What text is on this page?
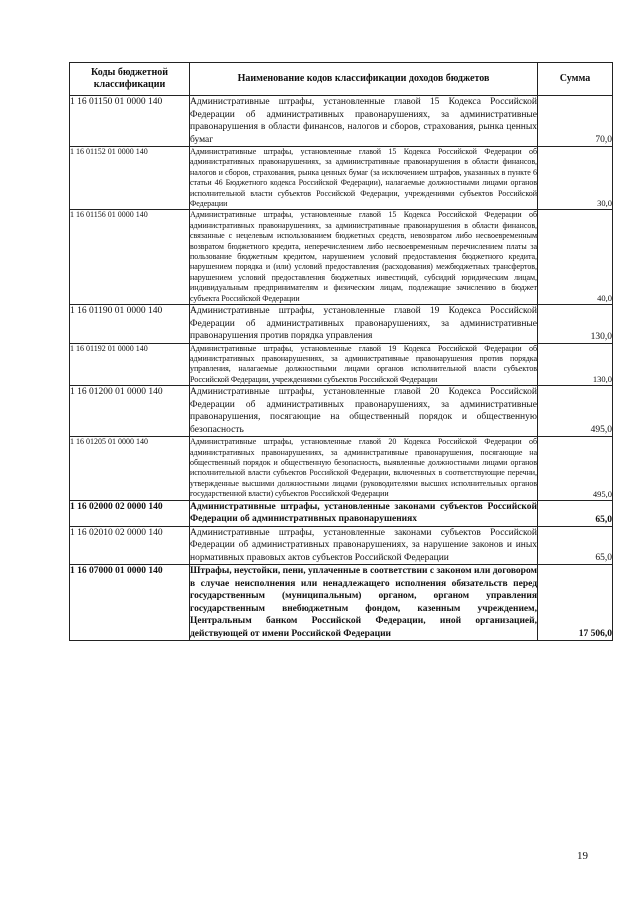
Коды бюджетной классификации	Наименование кодов классификации доходов бюджетов	Сумма
1 16 01150 01 0000 140	Административные штрафы, установленные главой 15 Кодекса Российской Федерации об административных правонарушениях, за административные правонарушения в области финансов, налогов и сборов, страхования, рынка ценных бумаг	70,0
1 16 01152 01 0000 140	Административные штрафы, установленные главой 15 Кодекса Российской Федерации об административных правонарушениях, за административные правонарушения в области финансов, налогов и сборов, страхования, рынка ценных бумаг (за исключением штрафов, указанных в пункте 6 статьи 46 Бюджетного кодекса Российской Федерации), налагаемые должностными лицами органов исполнительной власти субъектов Российской Федерации, учреждениями субъектов Российской Федерации	30,0
1 16 01156 01 0000 140	Административные штрафы, установленные главой 15 Кодекса Российской Федерации об административных правонарушениях, за административные правонарушения в области финансов, связанные с нецелевым использованием бюджетных средств, невозвратом либо несвоевременным возвратом бюджетного кредита, неперечислением либо несвоевременным перечислением платы за пользование бюджетным кредитом, нарушением условий предоставления бюджетного кредита, нарушением порядка и (или) условий предоставления (расходования) межбюджетных трансфертов, нарушением условий предоставления бюджетных инвестиций, субсидий юридическим лицам, индивидуальным предпринимателям и физическим лицам, подлежащие зачислению в бюджет субъекта Российской Федерации	40,0
1 16 01190 01 0000 140	Административные штрафы, установленные главой 19 Кодекса Российской Федерации об административных правонарушениях, за административные правонарушения против порядка управления	130,0
1 16 01192 01 0000 140	Административные штрафы, установленные главой 19 Кодекса Российской Федерации об административных правонарушениях, за административные правонарушения против порядка управления, налагаемые должностными лицами органов исполнительной власти субъектов Российской Федерации, учреждениями субъектов Российской Федерации	130,0
1 16 01200 01 0000 140	Административные штрафы, установленные главой 20 Кодекса Российской Федерации об административных правонарушениях, за административные правонарушения, посягающие на общественный порядок и общественную безопасность	495,0
1 16 01205 01 0000 140	Административные штрафы, установленные главой 20 Кодекса Российской Федерации об административных правонарушениях, за административные правонарушения, посягающие на общественный порядок и общественную безопасность, выявленные должностными лицами органов исполнительной власти субъектов Российской Федерации, включенных в соответствующие перечни, утвержденные высшими должностными лицами (руководителями высших исполнительных органов государственной власти) субъектов Российской Федерации	495,0
1 16 02000 02 0000 140	Административные штрафы, установленные законами субъектов Российской Федерации об административных правонарушениях	65,0
1 16 02010 02 0000 140	Административные штрафы, установленные законами субъектов Российской Федерации об административных правонарушениях, за нарушение законов и иных нормативных правовых актов субъектов Российской Федерации	65,0
1 16 07000 01 0000 140	Штрафы, неустойки, пени, уплаченные в соответствии с законом или договором в случае неисполнения или ненадлежащего исполнения обязательств перед государственным (муниципальным) органом, органом управления государственным внебюджетным фондом, казенным учреждением, Центральным банком Российской Федерации, иной организацией, действующей от имени Российской Федерации	17 506,0
19
